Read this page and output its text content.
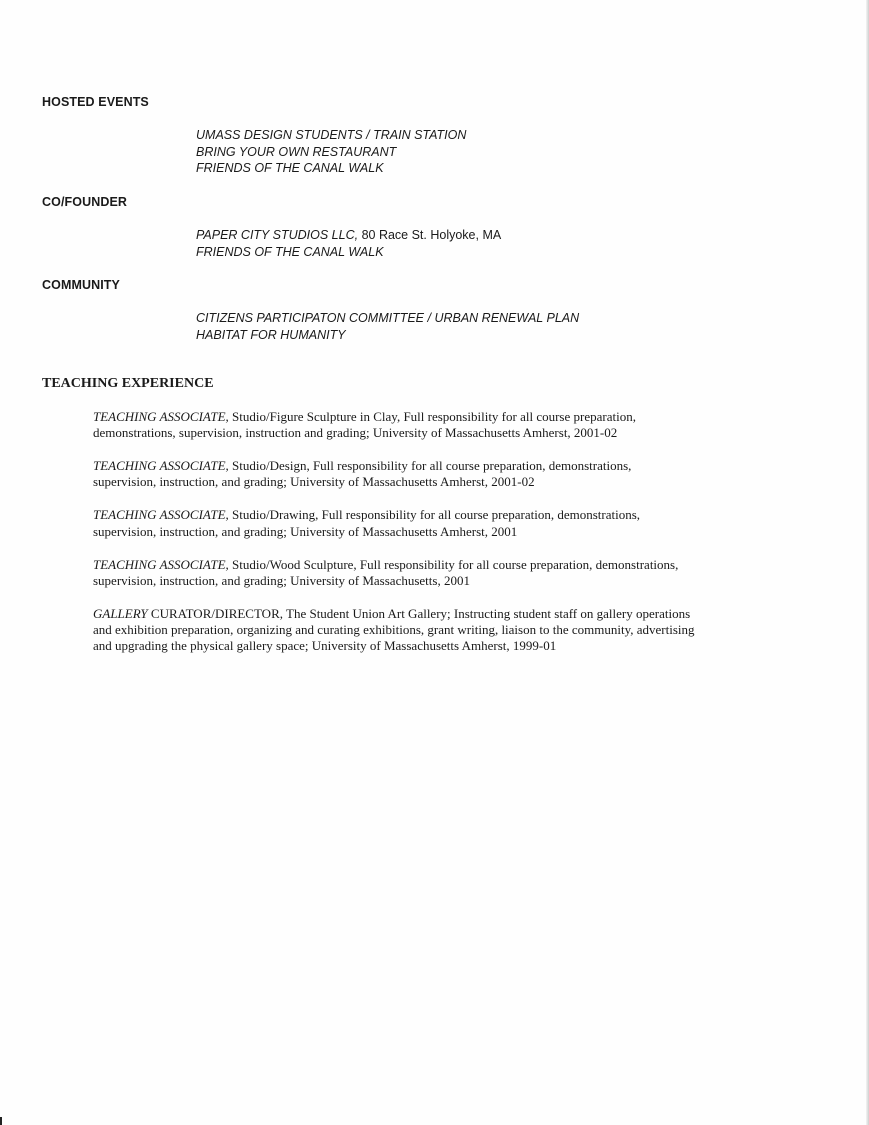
HOSTED EVENTS
UMASS DESIGN STUDENTS / TRAIN STATION
BRING YOUR OWN RESTAURANT
FRIENDS OF THE CANAL WALK
CO/FOUNDER
PAPER CITY STUDIOS LLC, 80 Race St. Holyoke, MA
FRIENDS OF THE CANAL WALK
COMMUNITY
CITIZENS PARTICIPATON COMMITTEE / URBAN RENEWAL PLAN
HABITAT FOR HUMANITY
TEACHING EXPERIENCE

TEACHING ASSOCIATE, Studio/Figure Sculpture in Clay, Full responsibility for all course preparation,
demonstrations, supervision, instruction and grading; University of Massachusetts Amherst, 2001-02

TEACHING ASSOCIATE, Studio/Design, Full responsibility for all course preparation, demonstrations,
supervision, instruction, and grading; University of Massachusetts Amherst, 2001-02

TEACHING ASSOCIATE, Studio/Drawing, Full responsibility for all course preparation, demonstrations,
supervision, instruction, and grading; University of Massachusetts Amherst, 2001

TEACHING ASSOCIATE, Studio/Wood Sculpture, Full responsibility for all course preparation, demonstrations,
supervision, instruction, and grading; University of Massachusetts, 2001

GALLERY CURATOR/DIRECTOR, The Student Union Art Gallery; Instructing student staff on gallery operations
and exhibition preparation, organizing and curating exhibitions, grant writing, liaison to the community, advertising
and upgrading the physical gallery space; University of Massachusetts Amherst, 1999-01
